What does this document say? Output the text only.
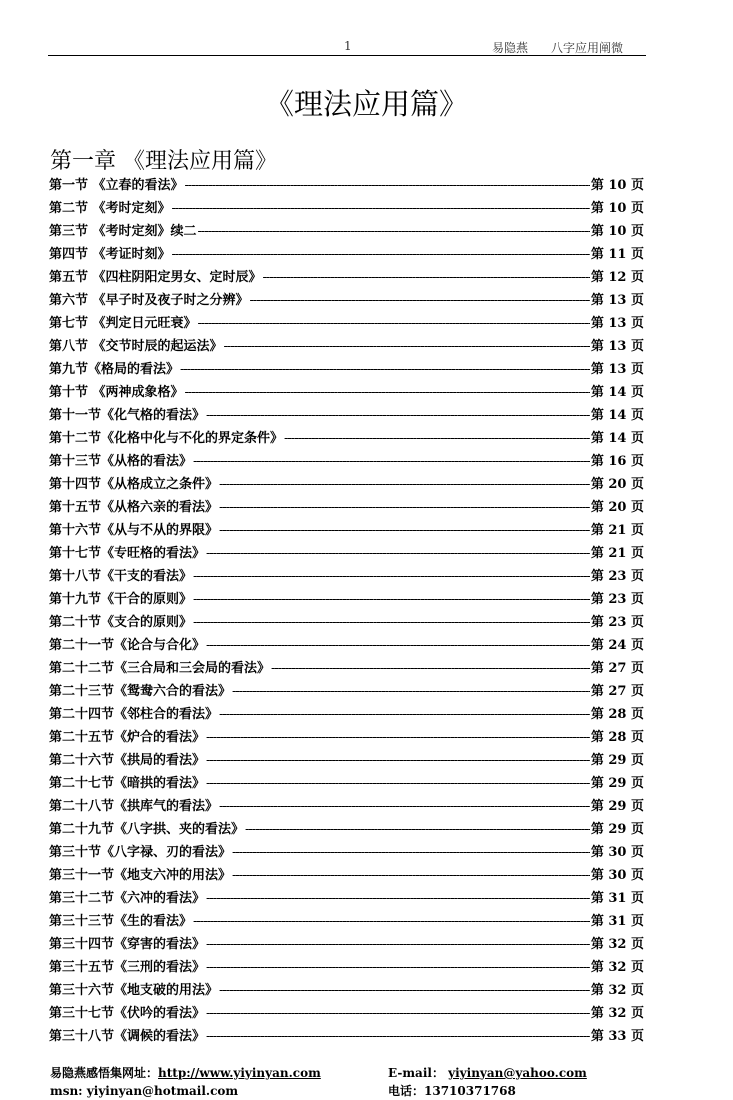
1	易隐燕 八字应用阐微
《理法应用篇》
第一章 《理法应用篇》
第一节 《立春的看法》 -----	第 10 页
第二节 《考时定刻》 -----	第 10 页
第三节 《考时定刻》续二 -----	第 10 页
第四节 《考证时刻》 -----	第 11 页
第五节 《四柱阴阳定男女、定时辰》 -----	第 12 页
第六节 《早子时及夜子时之分辨》 -----	第 13 页
第七节 《判定日元旺衰》 -----	第 13 页
第八节 《交节时辰的起运法》 -----	第 13 页
第九节《格局的看法》 -----	第 13 页
第十节 《两神成象格》 -----	第 14 页
第十一节《化气格的看法》 -----	第 14 页
第十二节《化格中化与不化的界定条件》 -----	第 14 页
第十三节《从格的看法》 -----	第 16 页
第十四节《从格成立之条件》 -----	第 20 页
第十五节《从格六亲的看法》 -----	第 20 页
第十六节《从与不从的界限》 -----	第 21 页
第十七节《专旺格的看法》 -----	第 21 页
第十八节《干支的看法》 -----	第 23 页
第十九节《干合的原则》 -----	第 23 页
第二十节《支合的原则》 -----	第 23 页
第二十一节《论合与合化》 -----	第 24 页
第二十二节《三合局和三会局的看法》 -----	第 27 页
第二十三节《鸳鸯六合的看法》 -----	第 27 页
第二十四节《邻柱合的看法》 -----	第 28 页
第二十五节《炉合的看法》 -----	第 28 页
第二十六节《拱局的看法》 -----	第 29 页
第二十七节《暗拱的看法》 -----	第 29 页
第二十八节《拱库气的看法》 -----	第 29 页
第二十九节《八字拱、夹的看法》 -----	第 29 页
第三十节《八字禄、刃的看法》 -----	第 30 页
第三十一节《地支六冲的用法》 -----	第 30 页
第三十二节《六冲的看法》 -----	第 31 页
第三十三节《生的看法》 -----	第 31 页
第三十四节《穿害的看法》 -----	第 32 页
第三十五节《三刑的看法》 -----	第 32 页
第三十六节《地支破的用法》 -----	第 32 页
第三十七节《伏吟的看法》 -----	第 32 页
第三十八节《调候的看法》 -----	第 33 页
易隐燕感悟集网址：http://www.yiyinyan.com	E-mail： yiyinyan@yahoo.com
msn: yiyinyan@hotmail.com	电话：13710371768
